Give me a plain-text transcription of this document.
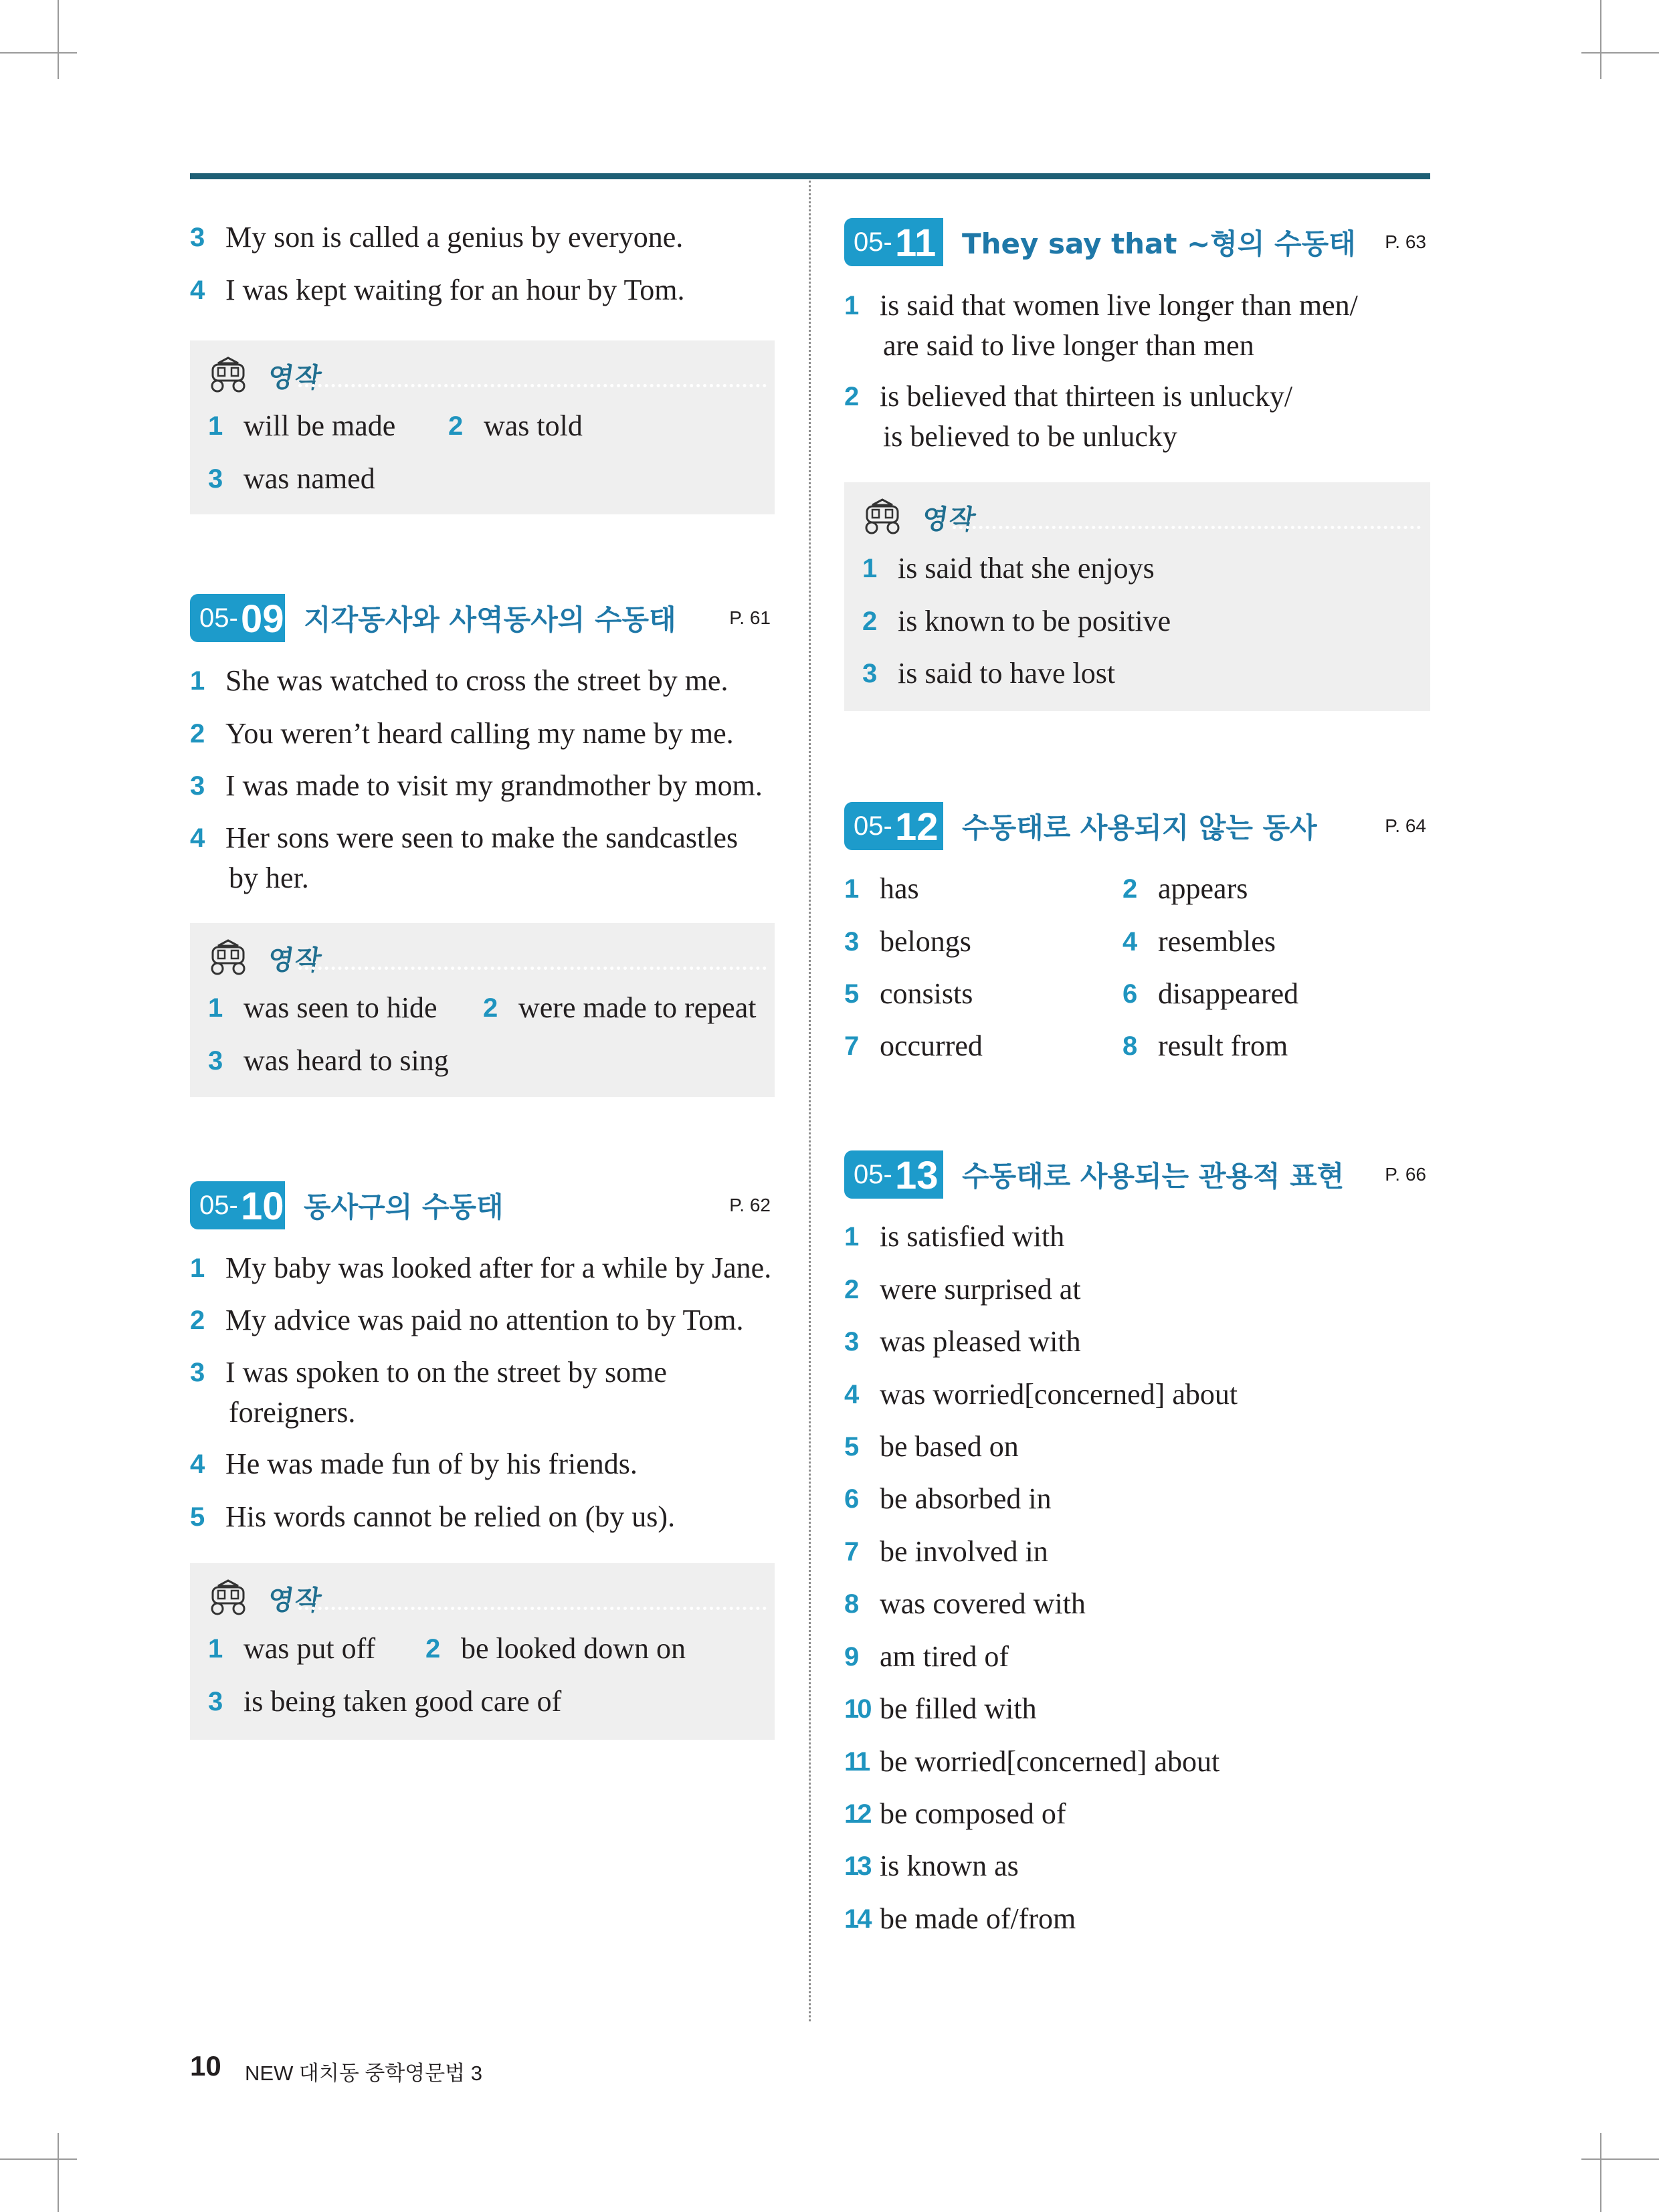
3 My son is called a genius by everyone.
4 I was kept waiting for an hour by Tom.
영작
1 will be made 2 was told
3 was named
05- 09 지각동사와 사역동사의 수동태	P. 61
1 She was watched to cross the street by me.
2 You weren’t heard calling my name by me.
3 I was made to visit my grandmother by mom.
4 Her sons were seen to make the sandcastles
by her.
영작
1 was seen to hide 2 were made to repeat
3 was heard to sing
05- 10 동사구의 수동태	P. 62
1 My baby was looked after for a while by Jane.
2 My advice was paid no attention to by Tom.
3 I was spoken to on the street by some
foreigners.
4 He was made fun of by his friends.
5 His words cannot be relied on (by us).
영작
1 was put off 2 be looked down on
3 is being taken good care of
05- 11 They say that ∼형의 수동태 P. 63
1 is said that women live longer than men/
are said to live longer than men
2 is believed that thirteen is unlucky/
is believed to be unlucky
영작
1 is said that she enjoys
2 is known to be positive
3 is said to have lost
05- 12 수동태로 사용되지 않는 동사	P. 64
1 has	2 appears
3 belongs	4 resembles
5 consists	6 disappeared
7 occurred	8 result from
05- 13 수동태로 사용되는 관용적 표현 P. 66
1 is satisfied with
2 were surprised at
3 was pleased with
4 was worried[concerned] about
5 be based on
6 be absorbed in
7 be involved in
8 was covered with
9 am tired of
10 be filled with
11 be worried[concerned] about
12 be composed of
13 is known as
14 be made of/from
10 NEW 대치동 중학영문법 3
